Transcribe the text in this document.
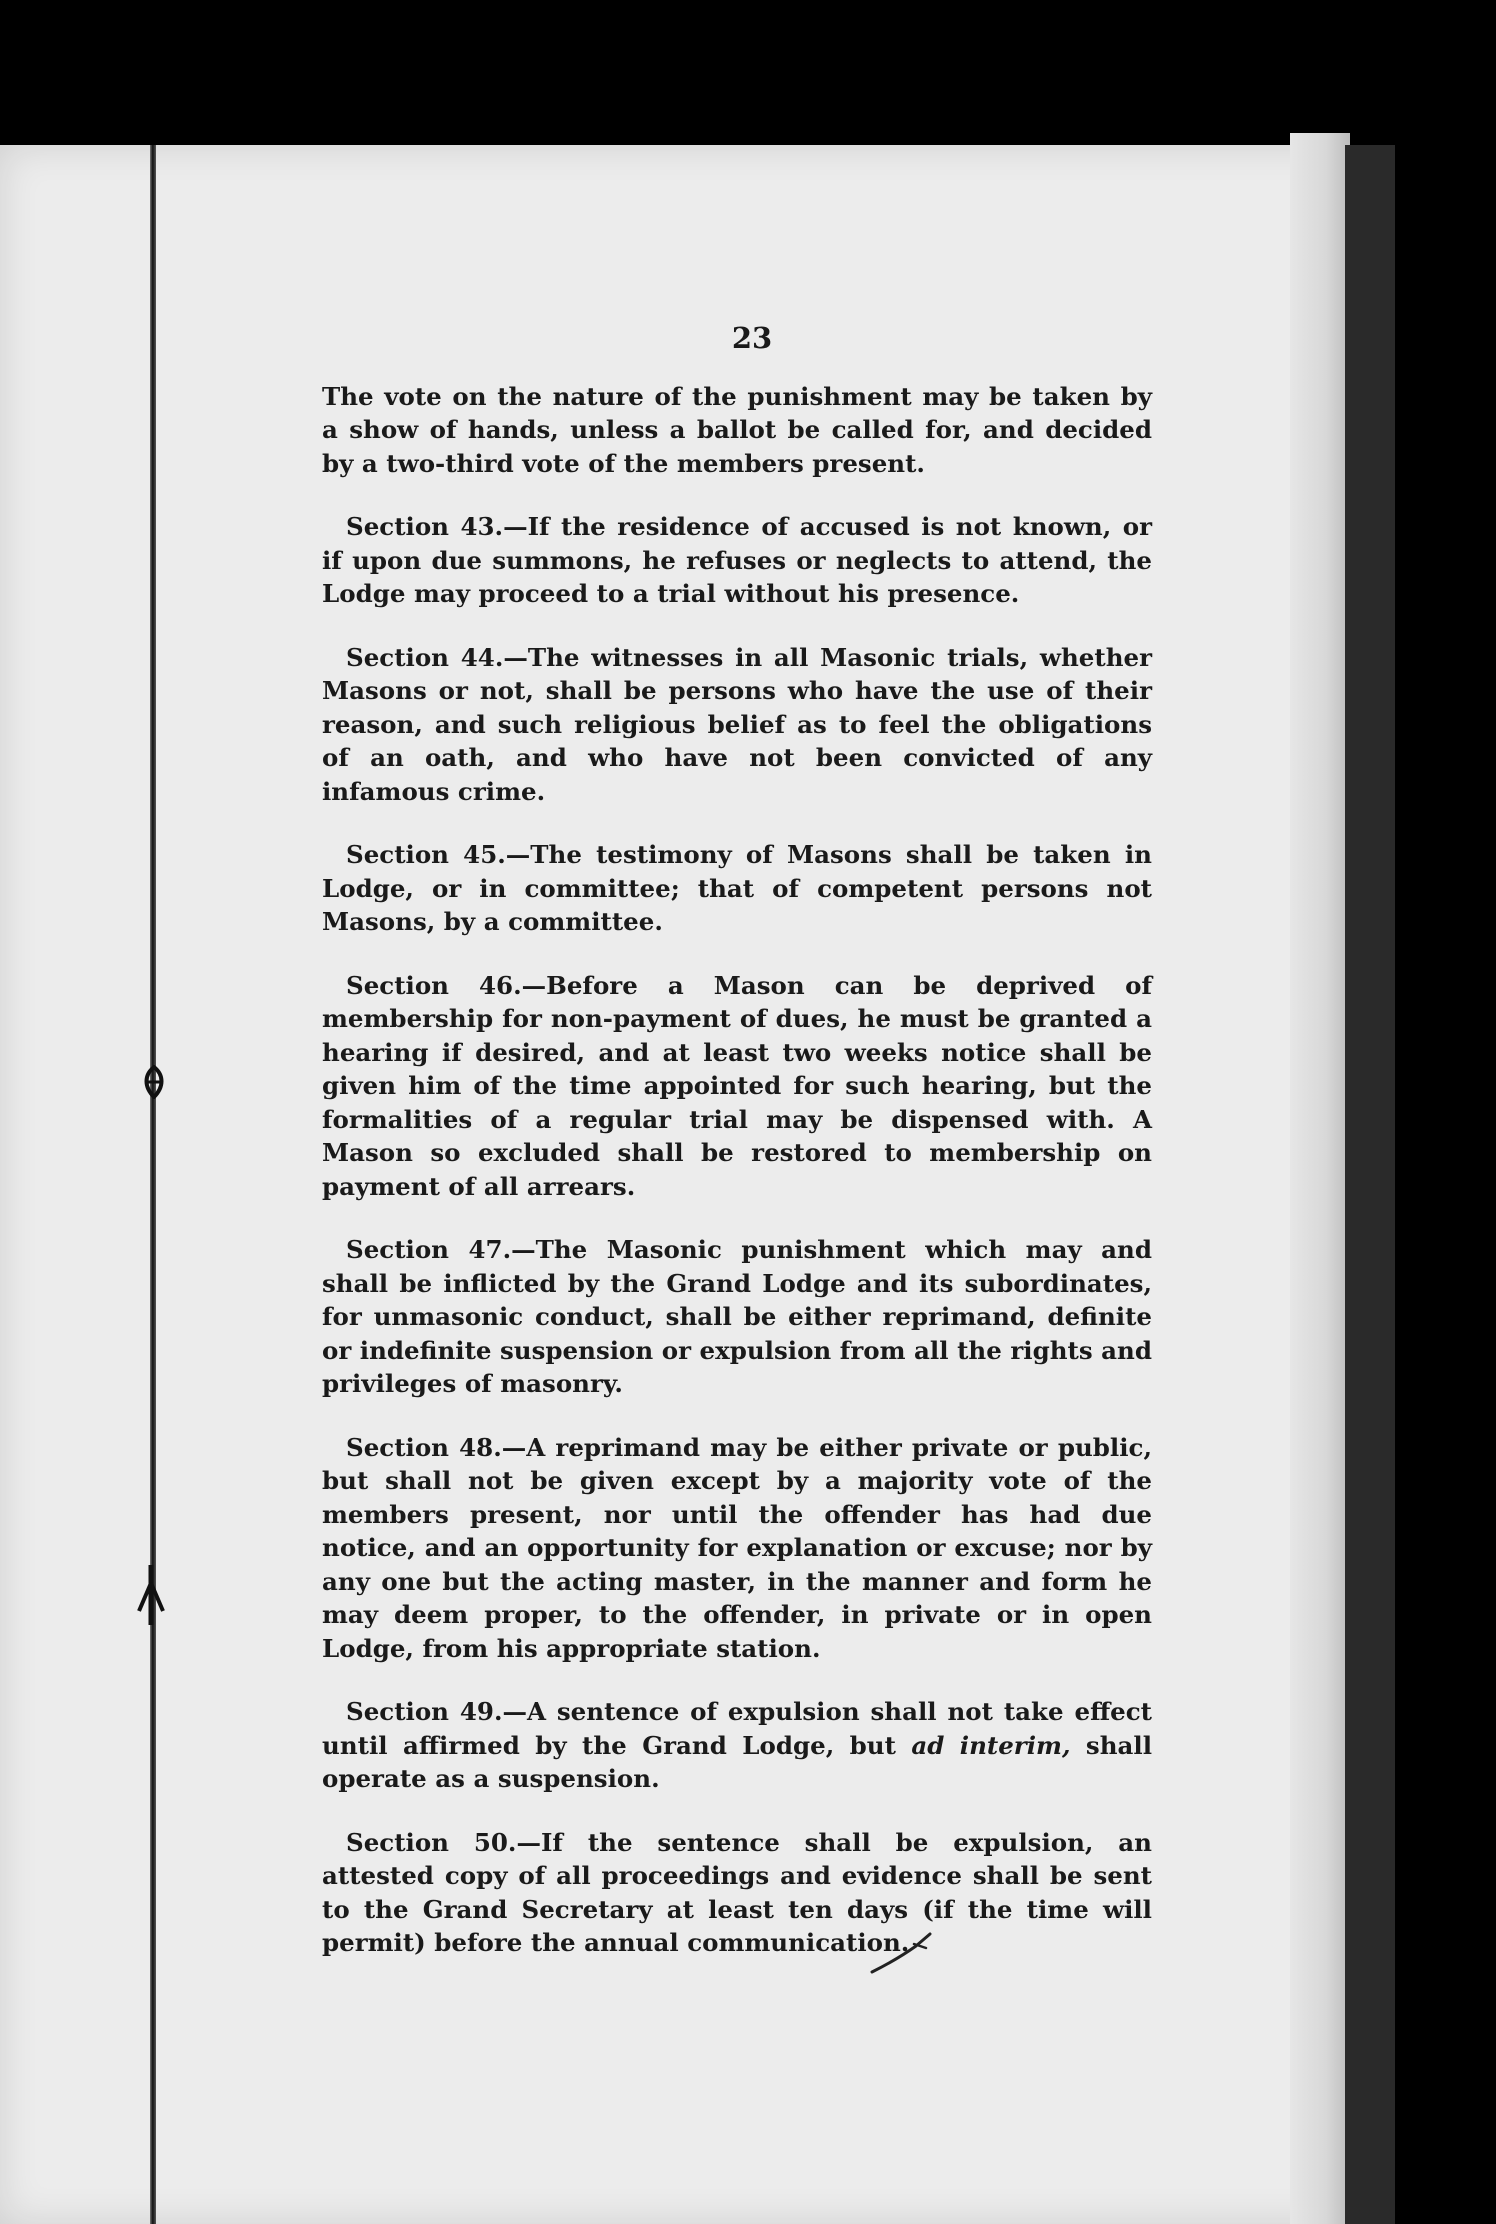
23

The vote on the nature of the punishment may be taken by a show of hands, unless a ballot be called for, and decided by a two-third vote of the members present.

Section 43.—If the residence of accused is not known, or if upon due summons, he refuses or neglects to attend, the Lodge may proceed to a trial without his presence.

Section 44.—The witnesses in all Masonic trials, whether Masons or not, shall be persons who have the use of their reason, and such religious belief as to feel the obligations of an oath, and who have not been convicted of any infamous crime.

Section 45.—The testimony of Masons shall be taken in Lodge, or in committee; that of competent persons not Masons, by a committee.

Section 46.—Before a Mason can be deprived of membership for non-payment of dues, he must be granted a hearing if desired, and at least two weeks notice shall be given him of the time appointed for such hearing, but the formalities of a regular trial may be dispensed with. A Mason so excluded shall be restored to membership on payment of all arrears.

Section 47.—The Masonic punishment which may and shall be inflicted by the Grand Lodge and its subordinates, for unmasonic conduct, shall be either reprimand, definite or indefinite suspension or expulsion from all the rights and privileges of masonry.

Section 48.—A reprimand may be either private or public, but shall not be given except by a majority vote of the members present, nor until the offender has had due notice, and an opportunity for explanation or excuse; nor by any one but the acting master, in the manner and form he may deem proper, to the offender, in private or in open Lodge, from his appropriate station.

Section 49.—A sentence of expulsion shall not take effect until affirmed by the Grand Lodge, but ad interim, shall operate as a suspension.

Section 50.—If the sentence shall be expulsion, an attested copy of all proceedings and evidence shall be sent to the Grand Secretary at least ten days (if the time will permit) before the annual communication.
